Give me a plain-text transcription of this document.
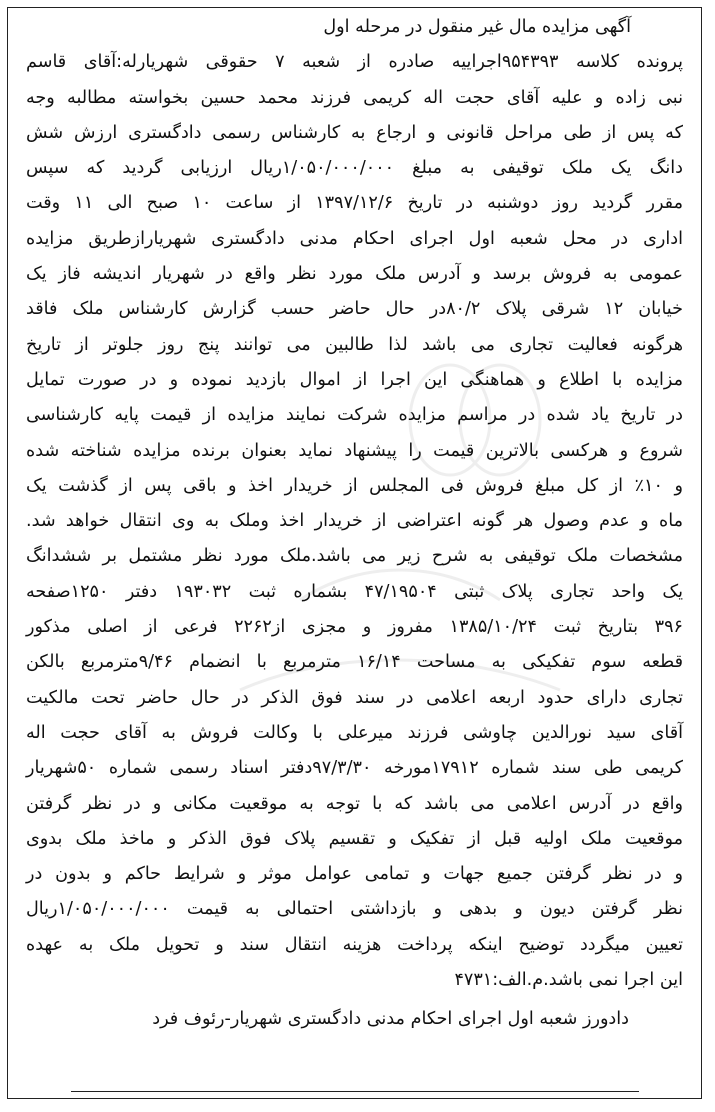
آگهی مزایده مال غیر منقول در مرحله اول
پرونده کلاسه ۹۵۴۳۹۳اجراییه صادره از شعبه ۷ حقوقی شهریارله:آقای قاسم
نبی زاده و علیه آقای حجت اله کریمی فرزند محمد حسین بخواسته مطالبه وجه
که پس از طی مراحل قانونی و ارجاع به کارشناس رسمی دادگستری ارزش شش
دانگ یک ملک توقیفی به مبلغ ۱/۰۵۰/۰۰۰/۰۰۰ریال ارزیابی گردید که سپس
مقرر گردید روز دوشنبه در تاریخ ۱۳۹۷/۱۲/۶ از ساعت ۱۰ صبح الی ۱۱ وقت
اداری در محل شعبه اول اجرای احکام مدنی دادگستری شهریارازطریق مزایده
عمومی به فروش برسد و آدرس ملک مورد نظر واقع در شهریار اندیشه فاز یک
خیابان ۱۲ شرقی پلاک ۸۰/۲در حال حاضر حسب گزارش کارشناس ملک فاقد
هرگونه فعالیت تجاری می باشد لذا طالبین می توانند پنج روز جلوتر از تاریخ
مزایده با اطلاع و هماهنگی این اجرا از اموال بازدید نموده و در صورت تمایل
در تاریخ یاد شده در مراسم مزایده شرکت نمایند مزایده از قیمت پایه کارشناسی
شروع و هرکسی بالاترین قیمت را پیشنهاد نماید بعنوان برنده مزایده شناخته شده
و ۱۰٪ از کل مبلغ فروش فی المجلس از خریدار اخذ و باقی پس از گذشت یک
ماه و عدم وصول هر گونه اعتراضی از خریدار اخذ وملک به وی انتقال خواهد شد.
مشخصات ملک توقیفی به شرح زیر می باشد.ملک مورد نظر مشتمل بر ششدانگ
یک واحد تجاری پلاک ثبتی ۴۷/۱۹۵۰۴ بشماره ثبت ۱۹۳۰۳۲ دفتر ۱۲۵۰صفحه
۳۹۶ بتاریخ ثبت ۱۳۸۵/۱۰/۲۴ مفروز و مجزی از۲۲۶۲ فرعی از اصلی مذکور
قطعه سوم تفکیکی به مساحت ۱۶/۱۴ مترمربع با انضمام ۹/۴۶مترمربع بالکن
تجاری دارای حدود اربعه اعلامی در سند فوق الذکر در حال حاضر تحت مالکیت
آقای سید نورالدین چاوشی فرزند میرعلی با وکالت فروش به آقای حجت اله
کریمی طی سند شماره ۱۷۹۱۲مورخه ۹۷/۳/۳۰دفتر اسناد رسمی شماره ۵۰شهریار
واقع در آدرس اعلامی می باشد که با توجه به موقعیت مکانی و در نظر گرفتن
موقعیت ملک اولیه قبل از تفکیک و تقسیم پلاک فوق الذکر و ماخذ ملک بدوی
و در نظر گرفتن جمیع جهات و تمامی عوامل موثر و شرایط حاکم و بدون در
نظر گرفتن دیون و بدهی و بازداشتی احتمالی به قیمت ۱/۰۵۰/۰۰۰/۰۰۰ریال
تعیین میگردد توضیح اینکه پرداخت هزینه انتقال سند و تحویل ملک به عهده
این اجرا نمی باشد.م.الف:۴۷۳۱
دادورز شعبه اول اجرای احکام مدنی دادگستری شهریار-رئوف فرد
